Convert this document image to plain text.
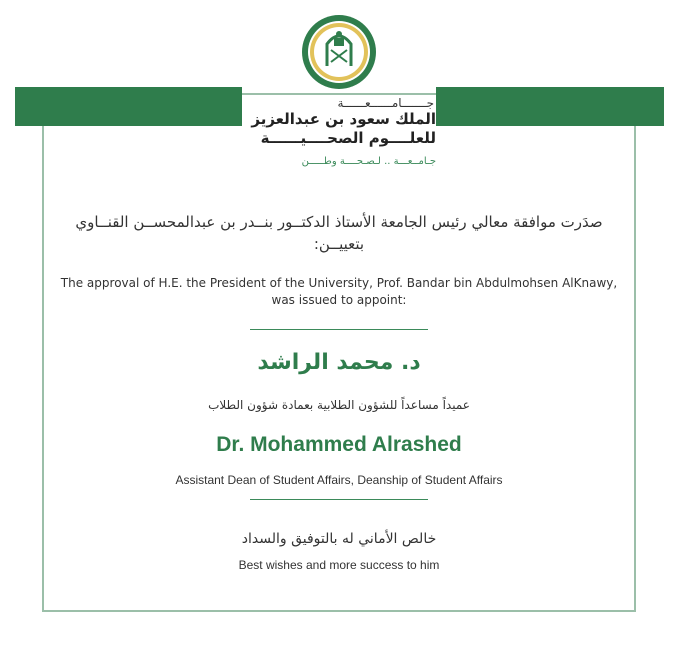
جـــــــامــــــعــــــة
الملك سعود بن عبدالعزيز
للعلــــوم الصحــــيــــــة
جـامــعـــة .. لـصـحــــة وطـــــن
صدَرت موافقة معالي رئيس الجامعة الأستاذ الدكتــور بنــدر بن عبدالمحســن القنــاوي بتعييــن:
The approval of H.E. the President of the University, Prof. Bandar bin Abdulmohsen AlKnawy, was issued to appoint:
د. محمد الراشد
عميداً مساعداً للشؤون الطلابية بعمادة شؤون الطلاب
Dr. Mohammed Alrashed
Assistant Dean of Student Affairs, Deanship of Student Affairs
خالص الأماني له بالتوفيق والسداد
Best wishes and more success to him
